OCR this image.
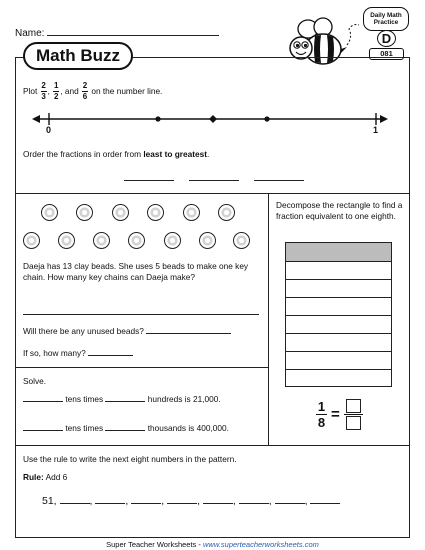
Name:
Math Buzz
Daily Math
Practice
D
081
Plot
$\frac{2}{3}$ ,
$\frac{1}{2}$ , and
$\frac{2}{6}$
on the number line.
0	1
Order the fractions in order from least to greatest.
Daeja has 13 clay beads. She uses 5 beads to make one key chain. How many key chains can Daeja make?
Will there be any unused beads?
If so, how many?
Decompose the rectangle to find a fraction equivalent to one eighth.
1
8 =
Solve.
tens times	hundreds is 21,000.
tens times	thousands is 400,000.
Use the rule to write the next eight numbers in the pattern.
Rule: Add 6
51,	,	,	,	,	,	,	,
Super Teacher Worksheets - www.superteacherworksheets.com
